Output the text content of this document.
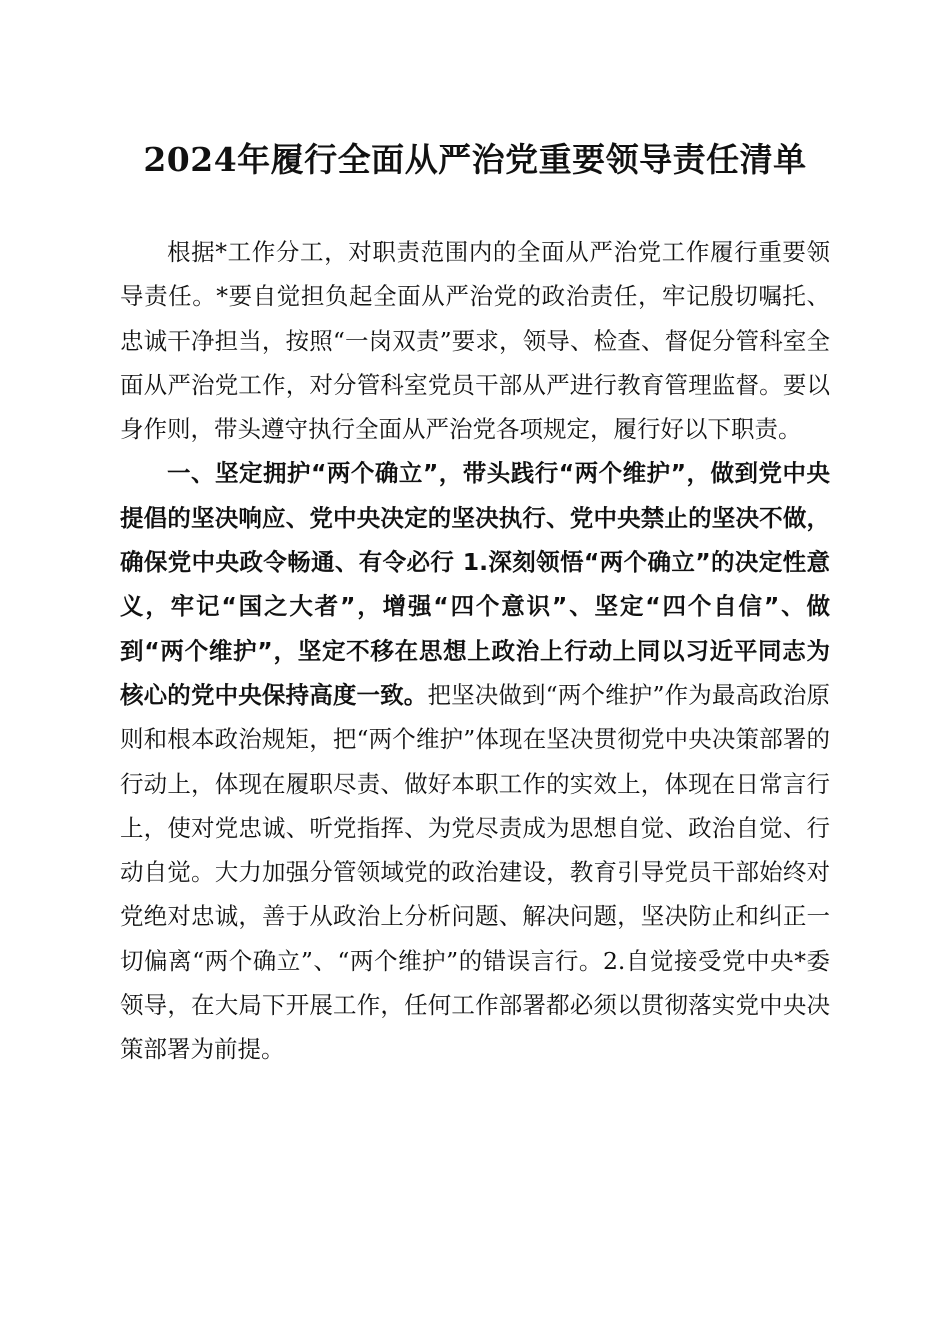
2024年履行全面从严治党重要领导责任清单

根据*工作分工，对职责范围内的全面从严治党工作履行重要领导责任。*要自觉担负起全面从严治党的政治责任，牢记殷切嘱托、忠诚干净担当，按照“一岗双责”要求，领导、检查、督促分管科室全面从严治党工作，对分管科室党员干部从严进行教育管理监督。要以身作则，带头遵守执行全面从严治党各项规定，履行好以下职责。

一、坚定拥护“两个确立”，带头践行“两个维护”，做到党中央提倡的坚决响应、党中央决定的坚决执行、党中央禁止的坚决不做，确保党中央政令畅通、有令必行 1.深刻领悟“两个确立”的决定性意义，牢记“国之大者”，增强“四个意识”、坚定“四个自信”、做到“两个维护”，坚定不移在思想上政治上行动上同以习近平同志为核心的党中央保持高度一致。把坚决做到“两个维护”作为最高政治原则和根本政治规矩，把“两个维护”体现在坚决贯彻党中央决策部署的行动上，体现在履职尽责、做好本职工作的实效上，体现在日常言行上，使对党忠诚、听党指挥、为党尽责成为思想自觉、政治自觉、行动自觉。大力加强分管领域党的政治建设，教育引导党员干部始终对党绝对忠诚，善于从政治上分析问题、解决问题，坚决防止和纠正一切偏离“两个确立”、“两个维护”的错误言行。2.自觉接受党中央*委领导，在大局下开展工作，任何工作部署都必须以贯彻落实党中央决策部署为前提。
